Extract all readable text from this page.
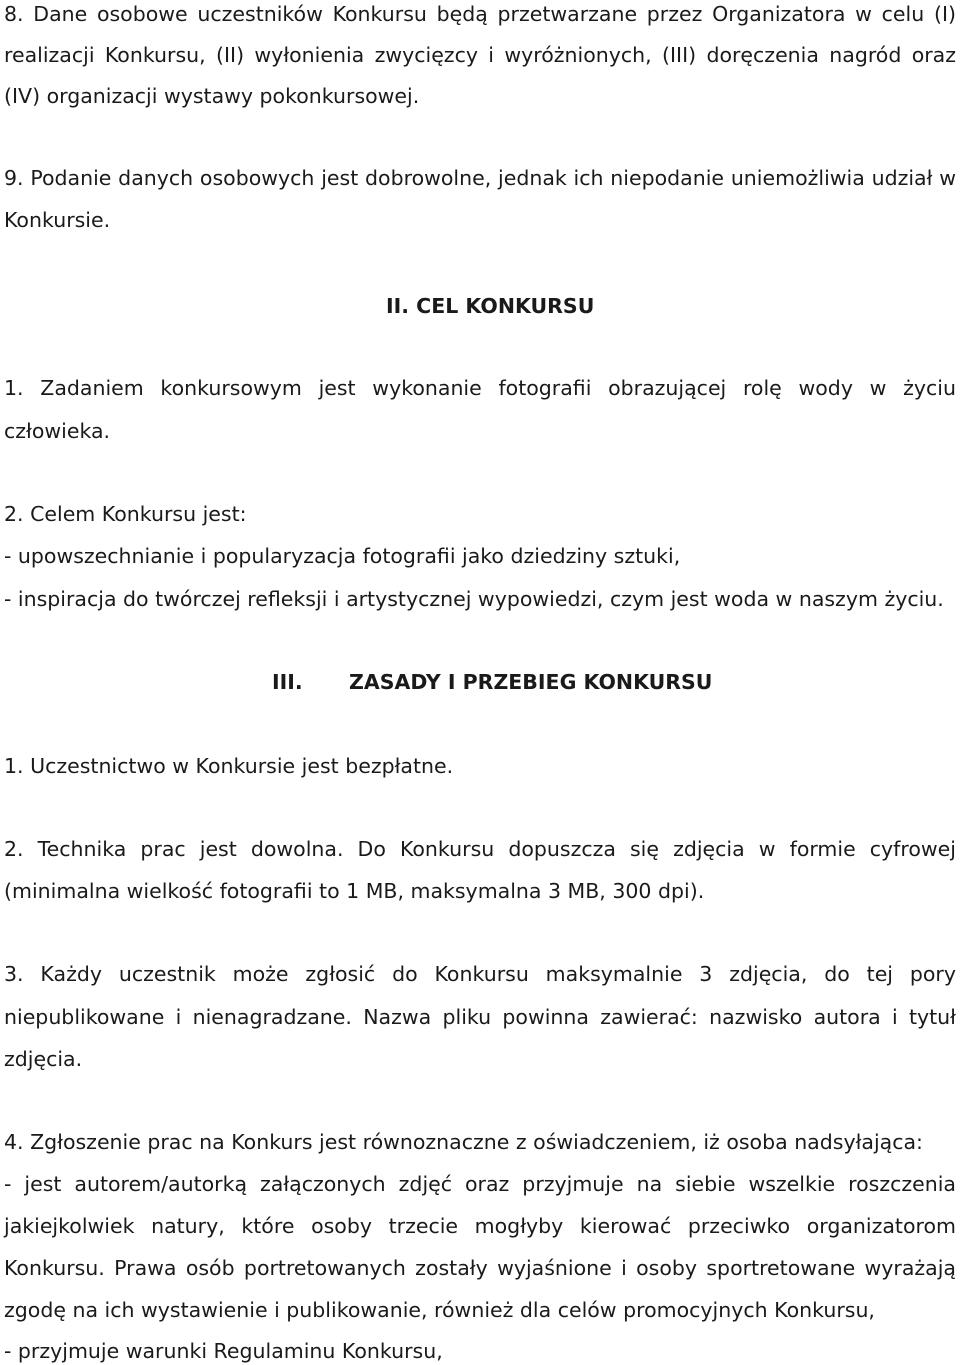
8. Dane osobowe uczestników Konkursu będą przetwarzane przez Organizatora w celu (I)
realizacji Konkursu, (II) wyłonienia zwycięzcy i wyróżnionych, (III) doręczenia nagród oraz
(IV) organizacji wystawy pokonkursowej.
9. Podanie danych osobowych jest dobrowolne, jednak ich niepodanie uniemożliwia udział w
Konkursie.
II. CEL KONKURSU
1. Zadaniem konkursowym jest wykonanie fotografii obrazującej rolę wody w życiu
człowieka.
2. Celem Konkursu jest:
- upowszechnianie i popularyzacja fotografii jako dziedziny sztuki,
- inspiracja do twórczej refleksji i artystycznej wypowiedzi, czym jest woda w naszym życiu.
III. ZASADY I PRZEBIEG KONKURSU
1. Uczestnictwo w Konkursie jest bezpłatne.
2. Technika prac jest dowolna. Do Konkursu dopuszcza się zdjęcia w formie cyfrowej
(minimalna wielkość fotografii to 1 MB, maksymalna 3 MB, 300 dpi).
3. Każdy uczestnik może zgłosić do Konkursu maksymalnie 3 zdjęcia, do tej pory
niepublikowane i nienagradzane. Nazwa pliku powinna zawierać: nazwisko autora i tytuł
zdjęcia.
4. Zgłoszenie prac na Konkurs jest równoznaczne z oświadczeniem, iż osoba nadsyłająca:
- jest autorem/autorką załączonych zdjęć oraz przyjmuje na siebie wszelkie roszczenia
jakiejkolwiek natury, które osoby trzecie mogłyby kierować przeciwko organizatorom
Konkursu. Prawa osób portretowanych zostały wyjaśnione i osoby sportretowane wyrażają
zgodę na ich wystawienie i publikowanie, również dla celów promocyjnych Konkursu,
- przyjmuje warunki Regulaminu Konkursu,
